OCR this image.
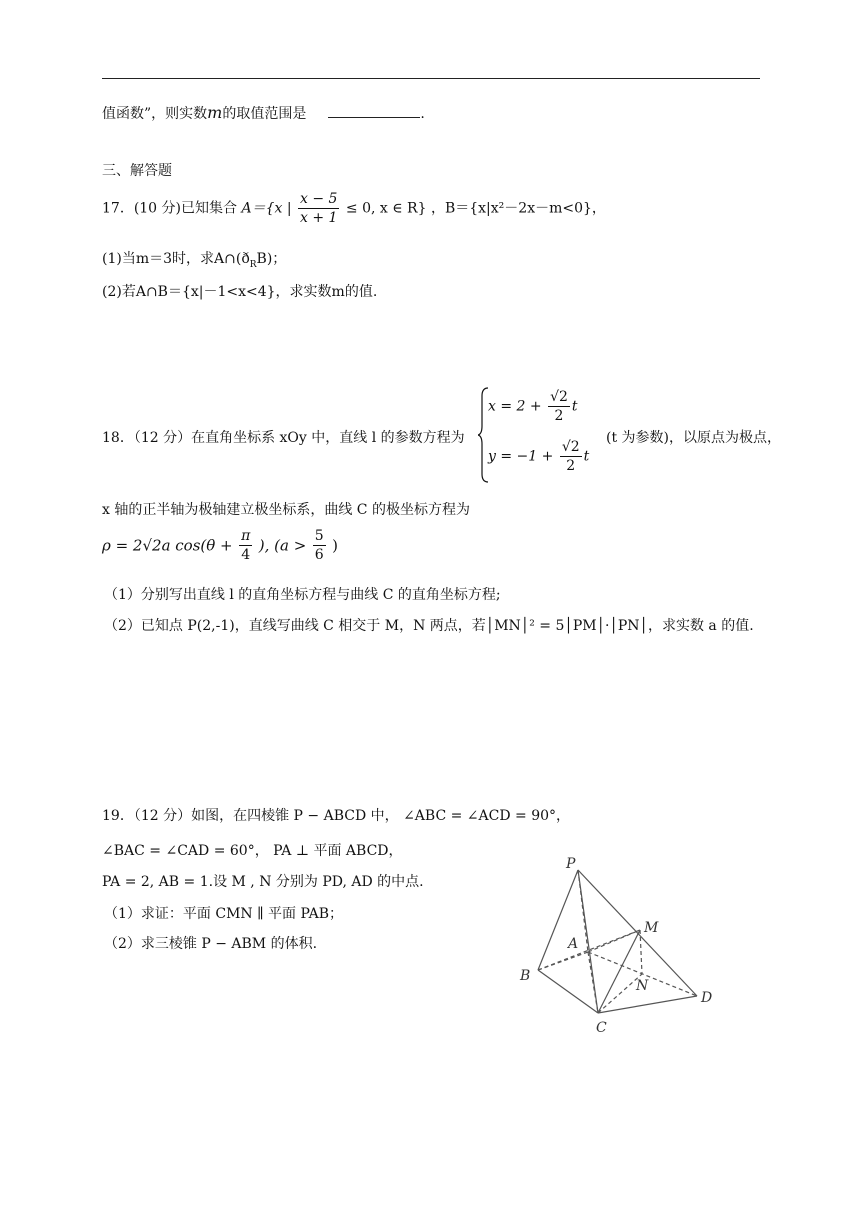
值函数”，则实数m的取值范围是	.
三、解答题
17．(10 分)已知集合 A＝{x | $\frac{x - 5}{x + 1} \le 0$, x ∈ R} ，B＝{x|x²－2x－m<0}，
(1)当m＝3时，求$A\cap(ð_RB)$；
(2)若A∩B＝{x|－1<x<4}，求实数m的值.
18．（12 分）在直角坐标系 xOy 中，直线 l 的参数方程为
$x = 2 + \frac{√2}{2}$ t
$y = -1 + \frac{√2}{2}$ t
(t 为参数)，以原点为极点，
x 轴的正半轴为极轴建立极坐标系，曲线 C 的极坐标方程为
ρ = 2√2a $\cos(\theta + \frac{\pi}{4}$ ), ($a > \frac{5}{6}$ )
（1）分别写出直线 l 的直角坐标方程与曲线 C 的直角坐标方程;
（2）已知点 P(2,-1)，直线写曲线 C 相交于 M，N 两点，若│MN│² = 5│PM│·│PN│，求实数 a 的值.
19．（12 分）如图，在四棱锥 P − ABCD 中， ∠ABC = ∠ACD = 90°，
∠BAC = ∠CAD = 60°， PA ⊥ 平面 ABCD，
PA = 2, AB = 1.设 M , N 分别为 PD, AD 的中点.
（1）求证：平面 CMN ∥ 平面 PAB；
（2）求三棱锥 P − ABM 的体积.
P
A
B
C
D
M
N
